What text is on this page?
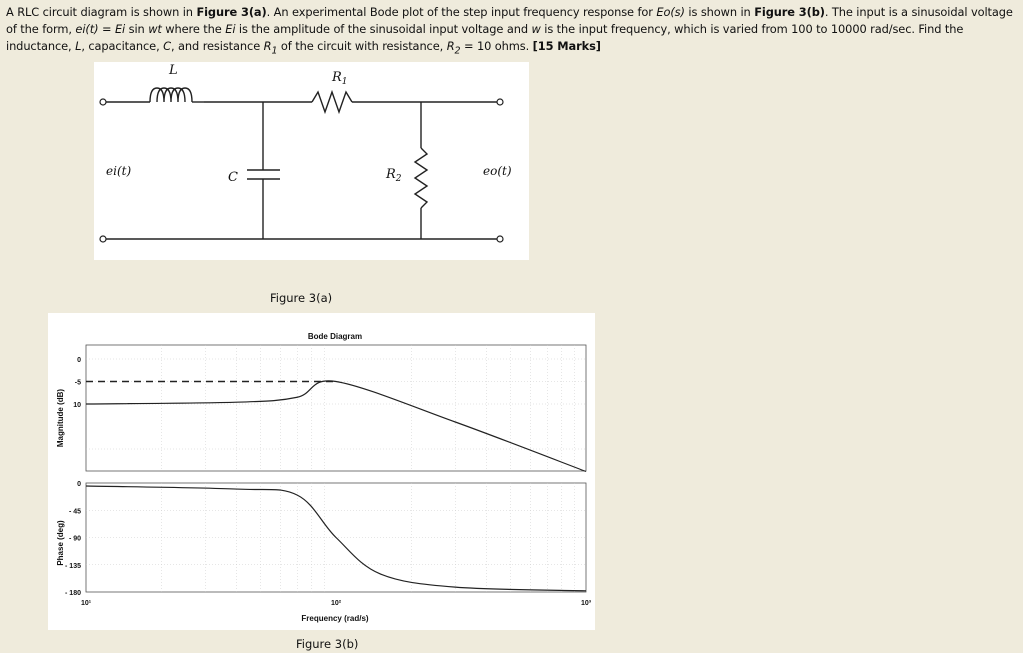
A RLC circuit diagram is shown in Figure 3(a). An experimental Bode plot of the step input frequency response for Eo(s) is shown in Figure 3(b). The input is a sinusoidal voltage of the form, ei(t) = Ei sin wt where the Ei is the amplitude of the sinusoidal input voltage and w is the input frequency, which is varied from 100 to 10000 rad/sec. Find the inductance, L, capacitance, C, and resistance $R_1$ of the circuit with resistance, $R_2 = 10$ ohms. [15 Marks]
L	$R_1$
C	$R_2$
ei(t)	eo(t)
Figure 3(a)
Bode Diagram
Frequency (rad/s)
Magnitude (dB)
Phase (deg)
0
-5
10
0
- 45
- 90
- 135
- 180
10¹	10²	10³
Figure 3(b)
